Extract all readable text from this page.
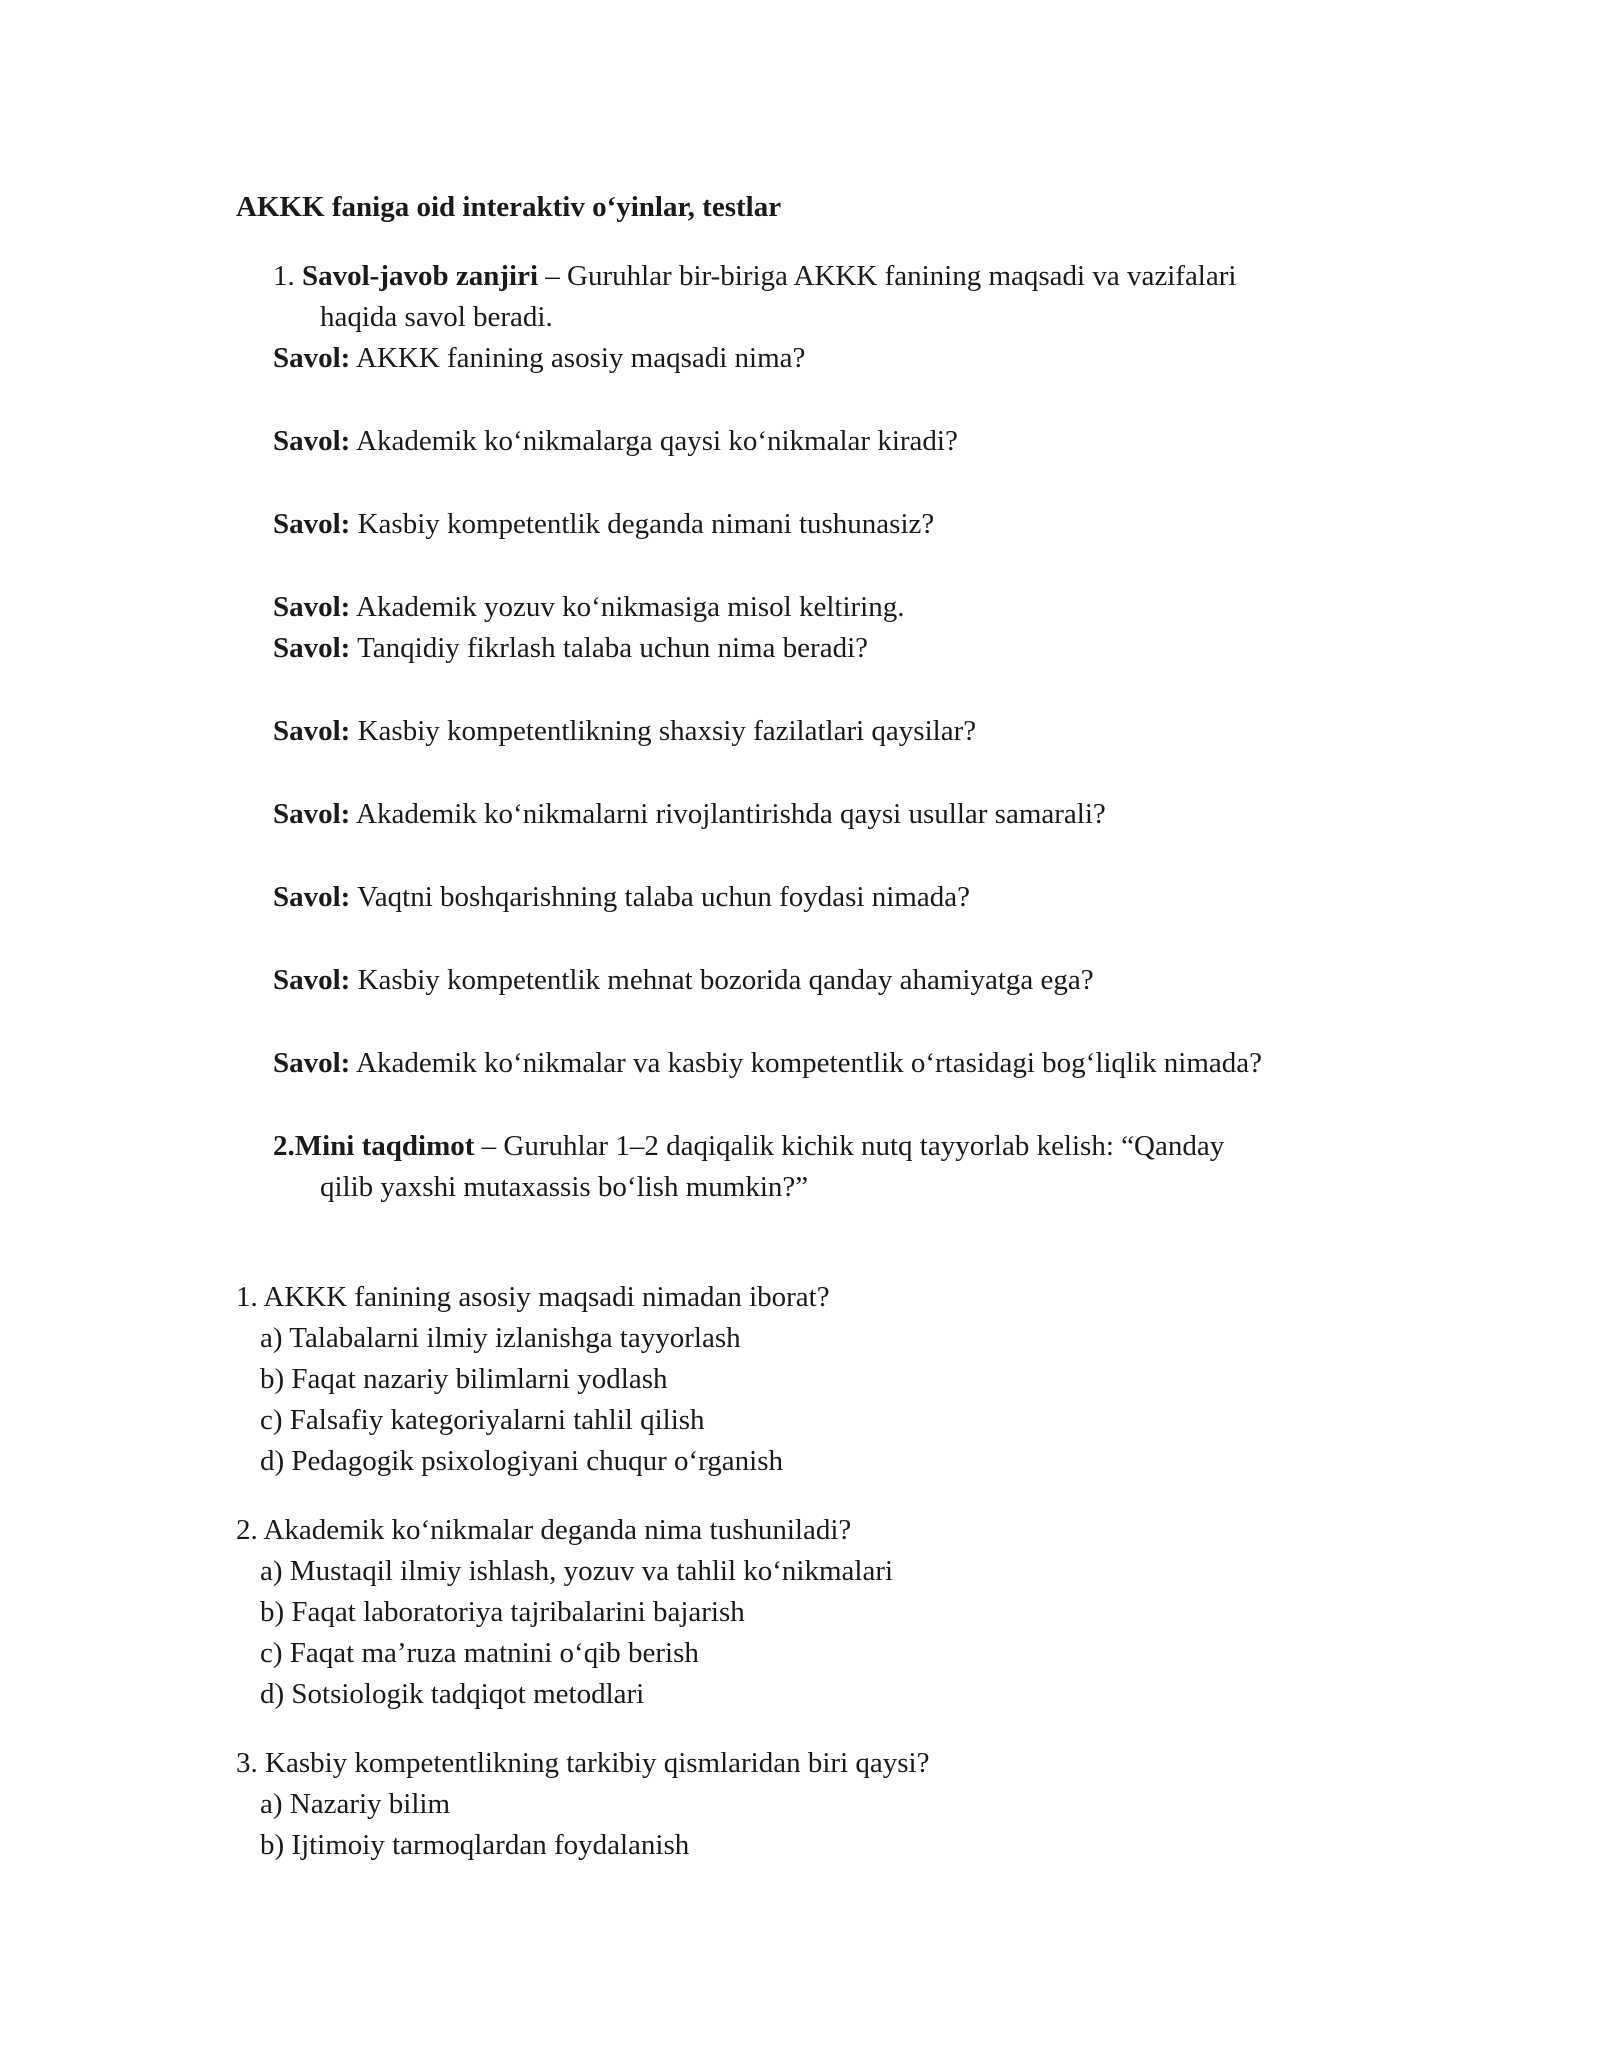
AKKK faniga oid interaktiv o‘yinlar, testlar
1. Savol-javob zanjiri – Guruhlar bir-biriga AKKK fanining maqsadi va vazifalari
haqida savol beradi.
Savol: AKKK fanining asosiy maqsadi nima?
Savol: Akademik ko‘nikmalarga qaysi ko‘nikmalar kiradi?
Savol: Kasbiy kompetentlik deganda nimani tushunasiz?
Savol: Akademik yozuv ko‘nikmasiga misol keltiring.
Savol: Tanqidiy fikrlash talaba uchun nima beradi?
Savol: Kasbiy kompetentlikning shaxsiy fazilatlari qaysilar?
Savol: Akademik ko‘nikmalarni rivojlantirishda qaysi usullar samarali?
Savol: Vaqtni boshqarishning talaba uchun foydasi nimada?
Savol: Kasbiy kompetentlik mehnat bozorida qanday ahamiyatga ega?
Savol: Akademik ko‘nikmalar va kasbiy kompetentlik o‘rtasidagi bog‘liqlik nimada?
2.Mini taqdimot – Guruhlar 1–2 daqiqalik kichik nutq tayyorlab kelish: “Qanday
qilib yaxshi mutaxassis bo‘lish mumkin?”
1. AKKK fanining asosiy maqsadi nimadan iborat?
a) Talabalarni ilmiy izlanishga tayyorlash
b) Faqat nazariy bilimlarni yodlash
c) Falsafiy kategoriyalarni tahlil qilish
d) Pedagogik psixologiyani chuqur o‘rganish
2. Akademik ko‘nikmalar deganda nima tushuniladi?
a) Mustaqil ilmiy ishlash, yozuv va tahlil ko‘nikmalari
b) Faqat laboratoriya tajribalarini bajarish
c) Faqat ma’ruza matnini o‘qib berish
d) Sotsiologik tadqiqot metodlari
3. Kasbiy kompetentlikning tarkibiy qismlaridan biri qaysi?
a) Nazariy bilim
b) Ijtimoiy tarmoqlardan foydalanish
